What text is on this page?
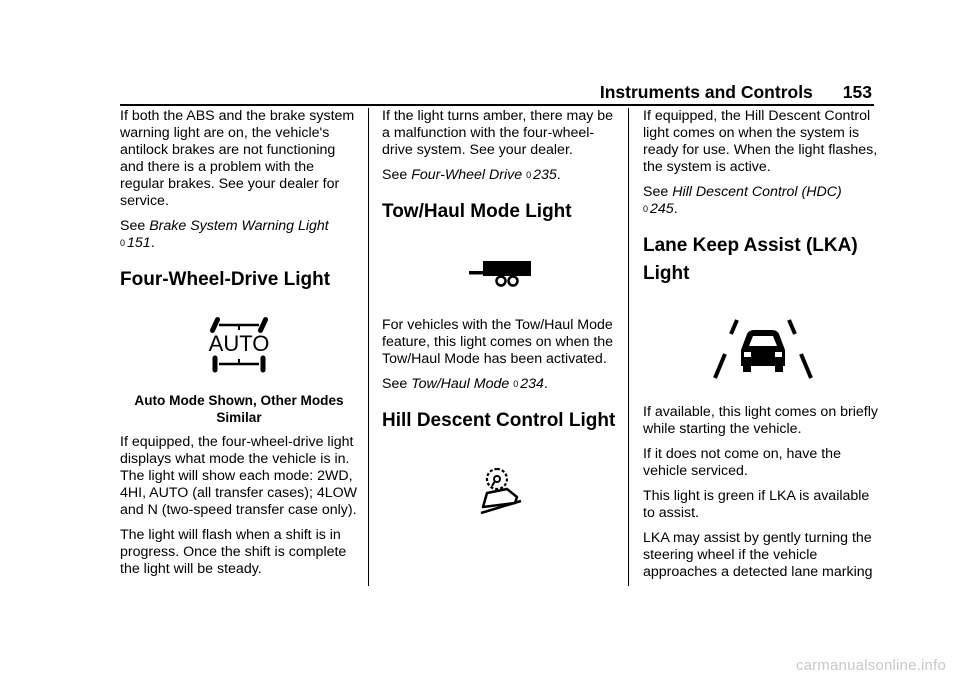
Instruments and Controls 153

If both the ABS and the brake system warning light are on, the vehicle's antilock brakes are not functioning and there is a problem with the regular brakes. See your dealer for service.

See Brake System Warning Light
0 151.

Four-Wheel-Drive Light
AUTO

Auto Mode Shown, Other Modes Similar

If equipped, the four-wheel-drive light displays what mode the vehicle is in. The light will show each mode: 2WD, 4HI, AUTO (all transfer cases); 4LOW and N (two-speed transfer case only).

The light will flash when a shift is in progress. Once the shift is complete the light will be steady.

If the light turns amber, there may be a malfunction with the four-wheel-drive system. See your dealer.

See Four-Wheel Drive 0 235.

Tow/Haul Mode Light

For vehicles with the Tow/Haul Mode feature, this light comes on when the Tow/Haul Mode has been activated.

See Tow/Haul Mode 0 234.

Hill Descent Control Light

If equipped, the Hill Descent Control light comes on when the system is ready for use. When the light flashes, the system is active.

See Hill Descent Control (HDC)
0 245.

Lane Keep Assist (LKA)
Light

If available, this light comes on briefly while starting the vehicle.

If it does not come on, have the vehicle serviced.

This light is green if LKA is available to assist.

LKA may assist by gently turning the steering wheel if the vehicle approaches a detected lane marking

carmanualsonline.info
